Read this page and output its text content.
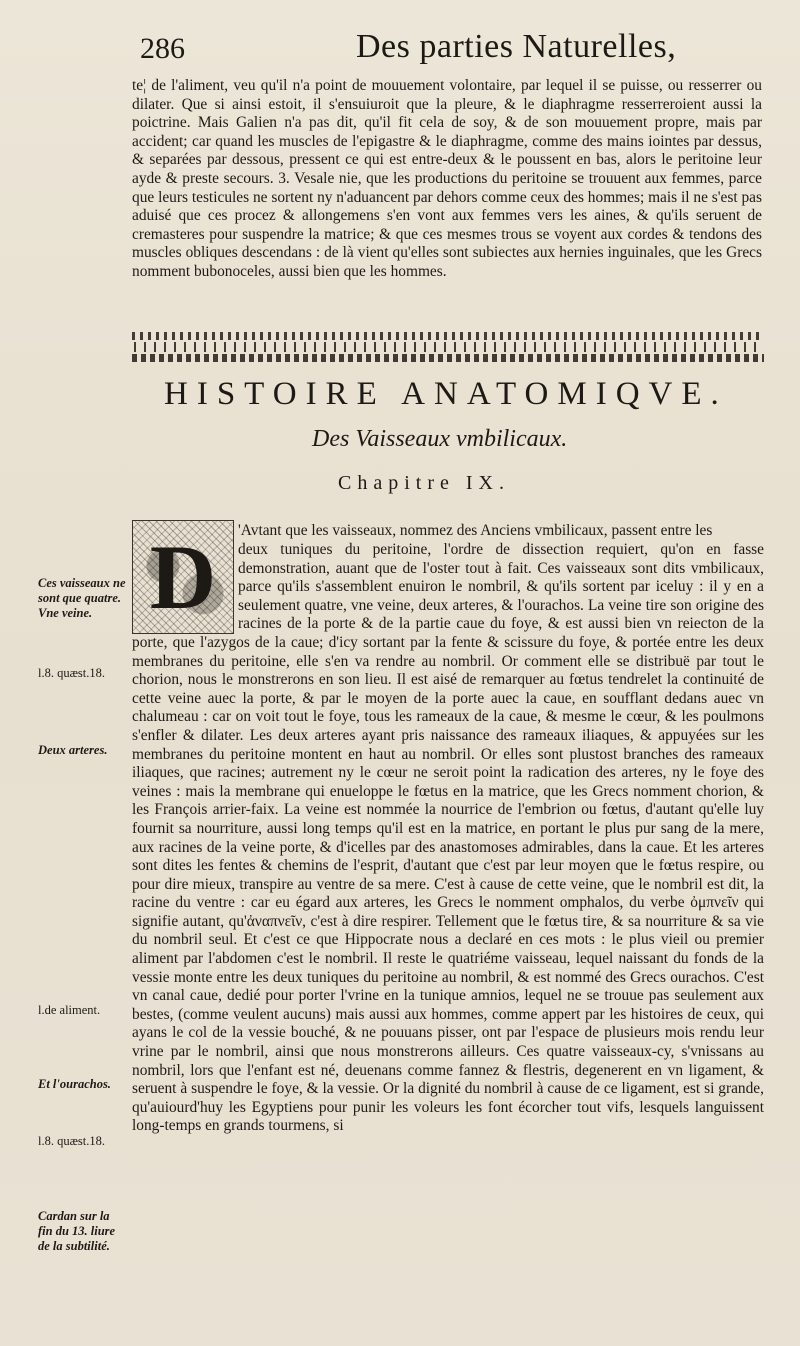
286	Des parties Naturelles,
te¦ de l'aliment, veu qu'il n'a point de mouuement volontaire, par lequel il se puisse, ou resserrer ou dilater. Que si ainsi estoit, il s'ensuiuroit que la pleure, & le diaphragme resserreroient aussi la poictrine. Mais Galien n'a pas dit, qu'il fit cela de soy, & de son mouuement propre, mais par accident; car quand les muscles de l'epigastre & le diaphragme, comme des mains iointes par dessus, & separées par dessous, pressent ce qui est entre-deux & le poussent en bas, alors le peritoine leur ayde & preste secours. 3. Vesale nie, que les productions du peritoine se trouuent aux femmes, parce que leurs testicules ne sortent ny n'aduancent par dehors comme ceux des hommes; mais il ne s'est pas aduisé que ces procez & allongemens s'en vont aux femmes vers les aines, & qu'ils seruent de cremasteres pour suspendre la matrice; & que ces mesmes trous se voyent aux cordes & tendons des muscles obliques descendans : de là vient qu'elles sont subiectes aux hernies inguinales, que les Grecs nomment bubonoceles, aussi bien que les hommes.
HISTOIRE ANATOMIQVE.
Des Vaisseaux vmbilicaux.
Chapitre IX.
D 'Avtant que les vaisseaux, nommez des Anciens vmbilicaux, passent entre les
deux tuniques du peritoine, l'ordre de dissection requiert, qu'on en fasse demonstration, auant que de l'oster tout à fait. Ces vaisseaux sont dits vmbilicaux, parce qu'ils s'assemblent enuiron le nombril, & qu'ils sortent par iceluy : il y en a seulement quatre, vne veine, deux arteres, & l'ourachos. La veine tire son origine des racines de la porte & de la partie caue du foye, & est aussi bien vn reiecton de la porte, que l'azygos de la caue; d'icy sortant par la fente & scissure du foye, & portée entre les deux membranes du peritoine, elle s'en va rendre au nombril. Or comment elle se distribuë par tout le chorion, nous le monstrerons en son lieu. Il est aisé de remarquer au fœtus tendrelet la continuité de cette veine auec la porte, & par le moyen de la porte auec la caue, en soufflant dedans auec vn chalumeau : car on voit tout le foye, tous les rameaux de la caue, & mesme le cœur, & les poulmons s'enfler & dilater. Les deux arteres ayant pris naissance des rameaux iliaques, & appuyées sur les membranes du peritoine montent en haut au nombril. Or elles sont plustost branches des rameaux iliaques, que racines; autrement ny le cœur ne seroit point la radication des arteres, ny le foye des veines : mais la membrane qui enueloppe le fœtus en la matrice, que les Grecs nomment chorion, & les François arrier-faix. La veine est nommée la nourrice de l'embrion ou fœtus, d'autant qu'elle luy fournit sa nourriture, aussi long temps qu'il est en la matrice, en portant le plus pur sang de la mere, aux racines de la veine porte, & d'icelles par des anastomoses admirables, dans la caue. Et les arteres sont dites les fentes & chemins de l'esprit, d'autant que c'est par leur moyen que le fœtus respire, ou pour dire mieux, transpire au ventre de sa mere. C'est à cause de cette veine, que le nombril est dit, la racine du ventre : car eu égard aux arteres, les Grecs le nomment omphalos, du verbe ὀμπνεῖν qui signifie autant, qu'ἀναπνεῖν, c'est à dire respirer. Tellement que le fœtus tire, & sa nourriture & sa vie du nombril seul. Et c'est ce que Hippocrate nous a declaré en ces mots : le plus vieil ou premier aliment par l'abdomen c'est le nombril. Il reste le quatriéme vaisseau, lequel naissant du fonds de la vessie monte entre les deux tuniques du peritoine au nombril, & est nommé des Grecs ourachos. C'est vn canal caue, dedié pour porter l'vrine en la tunique amnios, lequel ne se trouue pas seulement aux bestes, (comme veulent aucuns) mais aussi aux hommes, comme appert par les histoires de ceux, qui ayans le col de la vessie bouché, & ne pouuans pisser, ont par l'espace de plusieurs mois rendu leur vrine par le nombril, ainsi que nous monstrerons ailleurs. Ces quatre vaisseaux-cy, s'vnissans au nombril, lors que l'enfant est né, deuenans comme fannez & flestris, degenerent en vn ligament, & seruent à suspendre le foye, & la vessie. Or la dignité du nombril à cause de ce ligament, est si grande, qu'auiourd'huy les Egyptiens pour punir les voleurs les font écorcher tout vifs, lesquels languissent long-temps en grands tourmens, si
Ces vaisseaux ne sont que quatre. Vne veine.
l.8. quæst.18.
Deux arteres.
l.de aliment.
Et l'ourachos.
l.8. quæst.18.
Cardan sur la fin du 13. liure de la subtilité.
